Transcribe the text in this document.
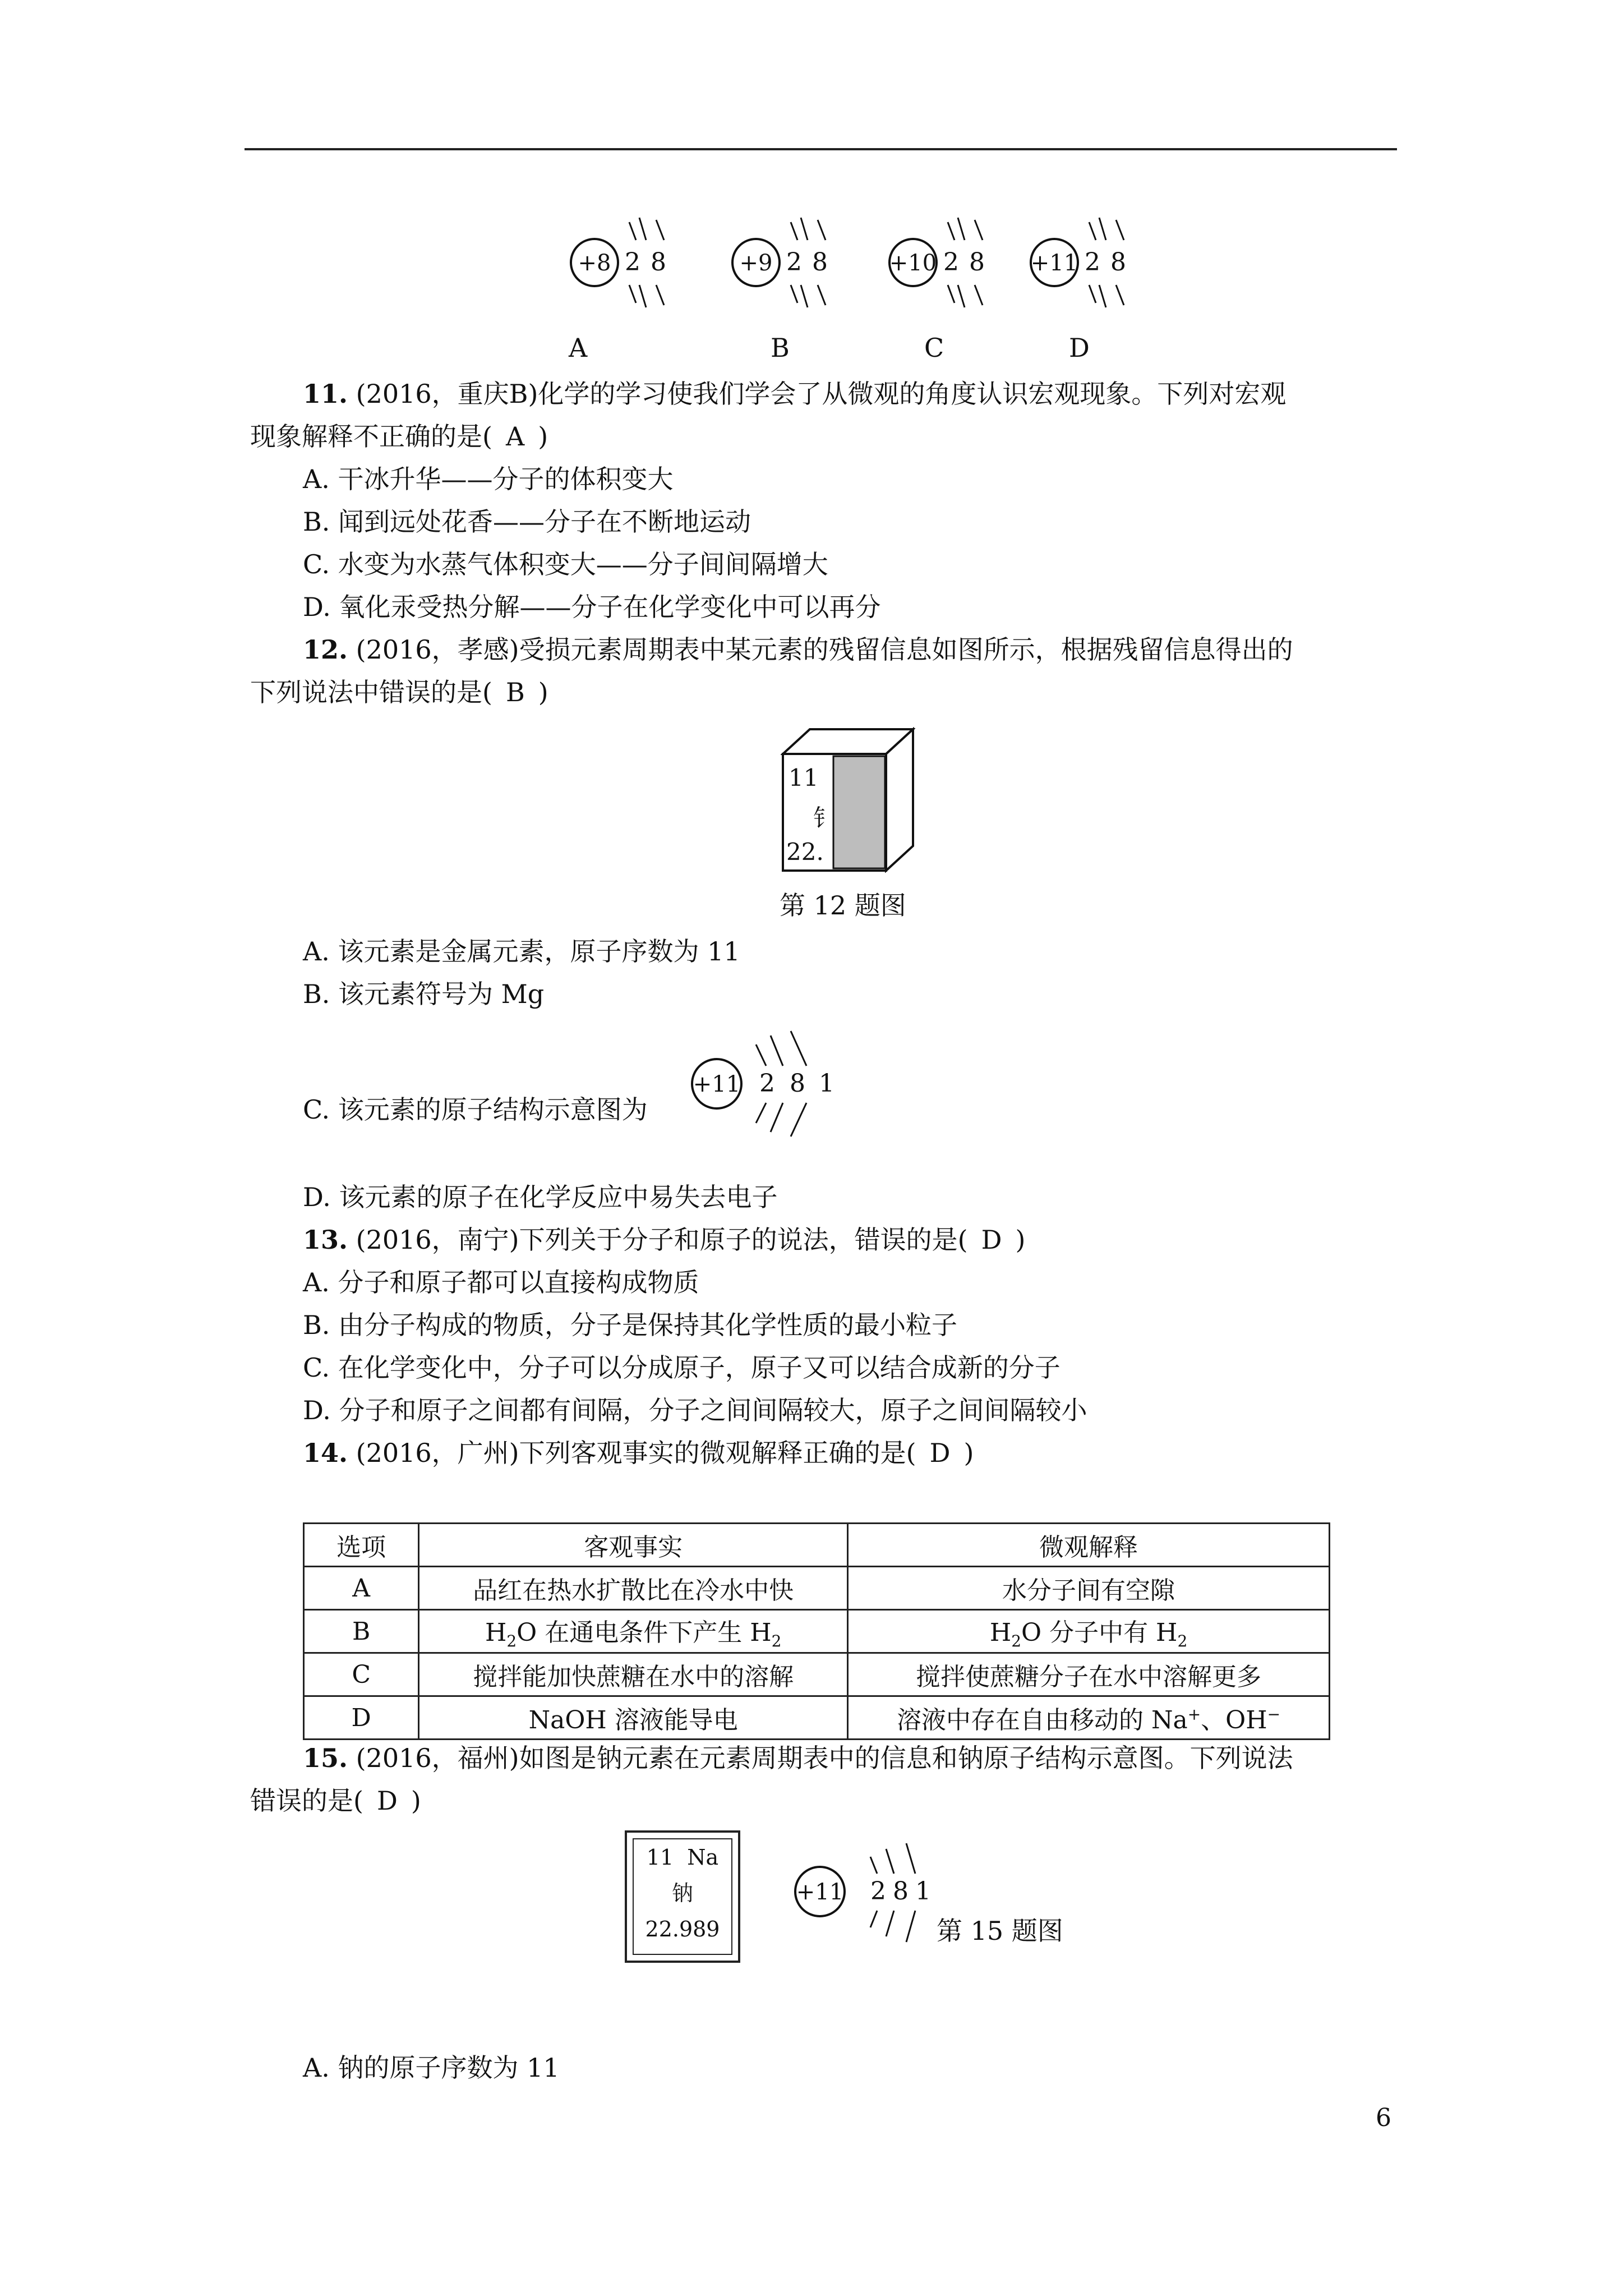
+8 2 8	+9 2 8	+10 2 8 +11 2 8
A	B	C	D
11. (2016，重庆B)化学的学习使我们学会了从微观的角度认识宏观现象。下列对宏观
现象解释不正确的是( A )
A. 干冰升华——分子的体积变大
B. 闻到远处花香——分子在不断地运动
C. 水变为水蒸气体积变大——分子间间隔增大
D. 氧化汞受热分解——分子在化学变化中可以再分
12. (2016，孝感)受损元素周期表中某元素的残留信息如图所示，根据残留信息得出的
下列说法中错误的是( B )
11
钅
22.
第 12 题图
A. 该元素是金属元素，原子序数为 11
B. 该元素符号为 Mg
+11 2 8 1
C. 该元素的原子结构示意图为
D. 该元素的原子在化学反应中易失去电子
13. (2016，南宁)下列关于分子和原子的说法，错误的是( D )
A. 分子和原子都可以直接构成物质
B. 由分子构成的物质，分子是保持其化学性质的最小粒子
C. 在化学变化中，分子可以分成原子，原子又可以结合成新的分子
D. 分子和原子之间都有间隔，分子之间间隔较大，原子之间间隔较小
14. (2016，广州)下列客观事实的微观解释正确的是( D )
选项	客观事实	微观解释
A	品红在热水扩散比在冷水中快	水分子间有空隙
B	$H_2O$ 在通电条件下产生 $H_2$	$H_2O$ 分子中有 $H_2$
C	搅拌能加快蔗糖在水中的溶解	搅拌使蔗糖分子在水中溶解更多
D	NaOH 溶液能导电	溶液中存在自由移动的 Na+、OH−
15. (2016，福州)如图是钠元素在元素周期表中的信息和钠原子结构示意图。下列说法
错误的是( D )
11  Na
钠
22.989
+11 2 8 1
第 15 题图
A. 钠的原子序数为 11
6
